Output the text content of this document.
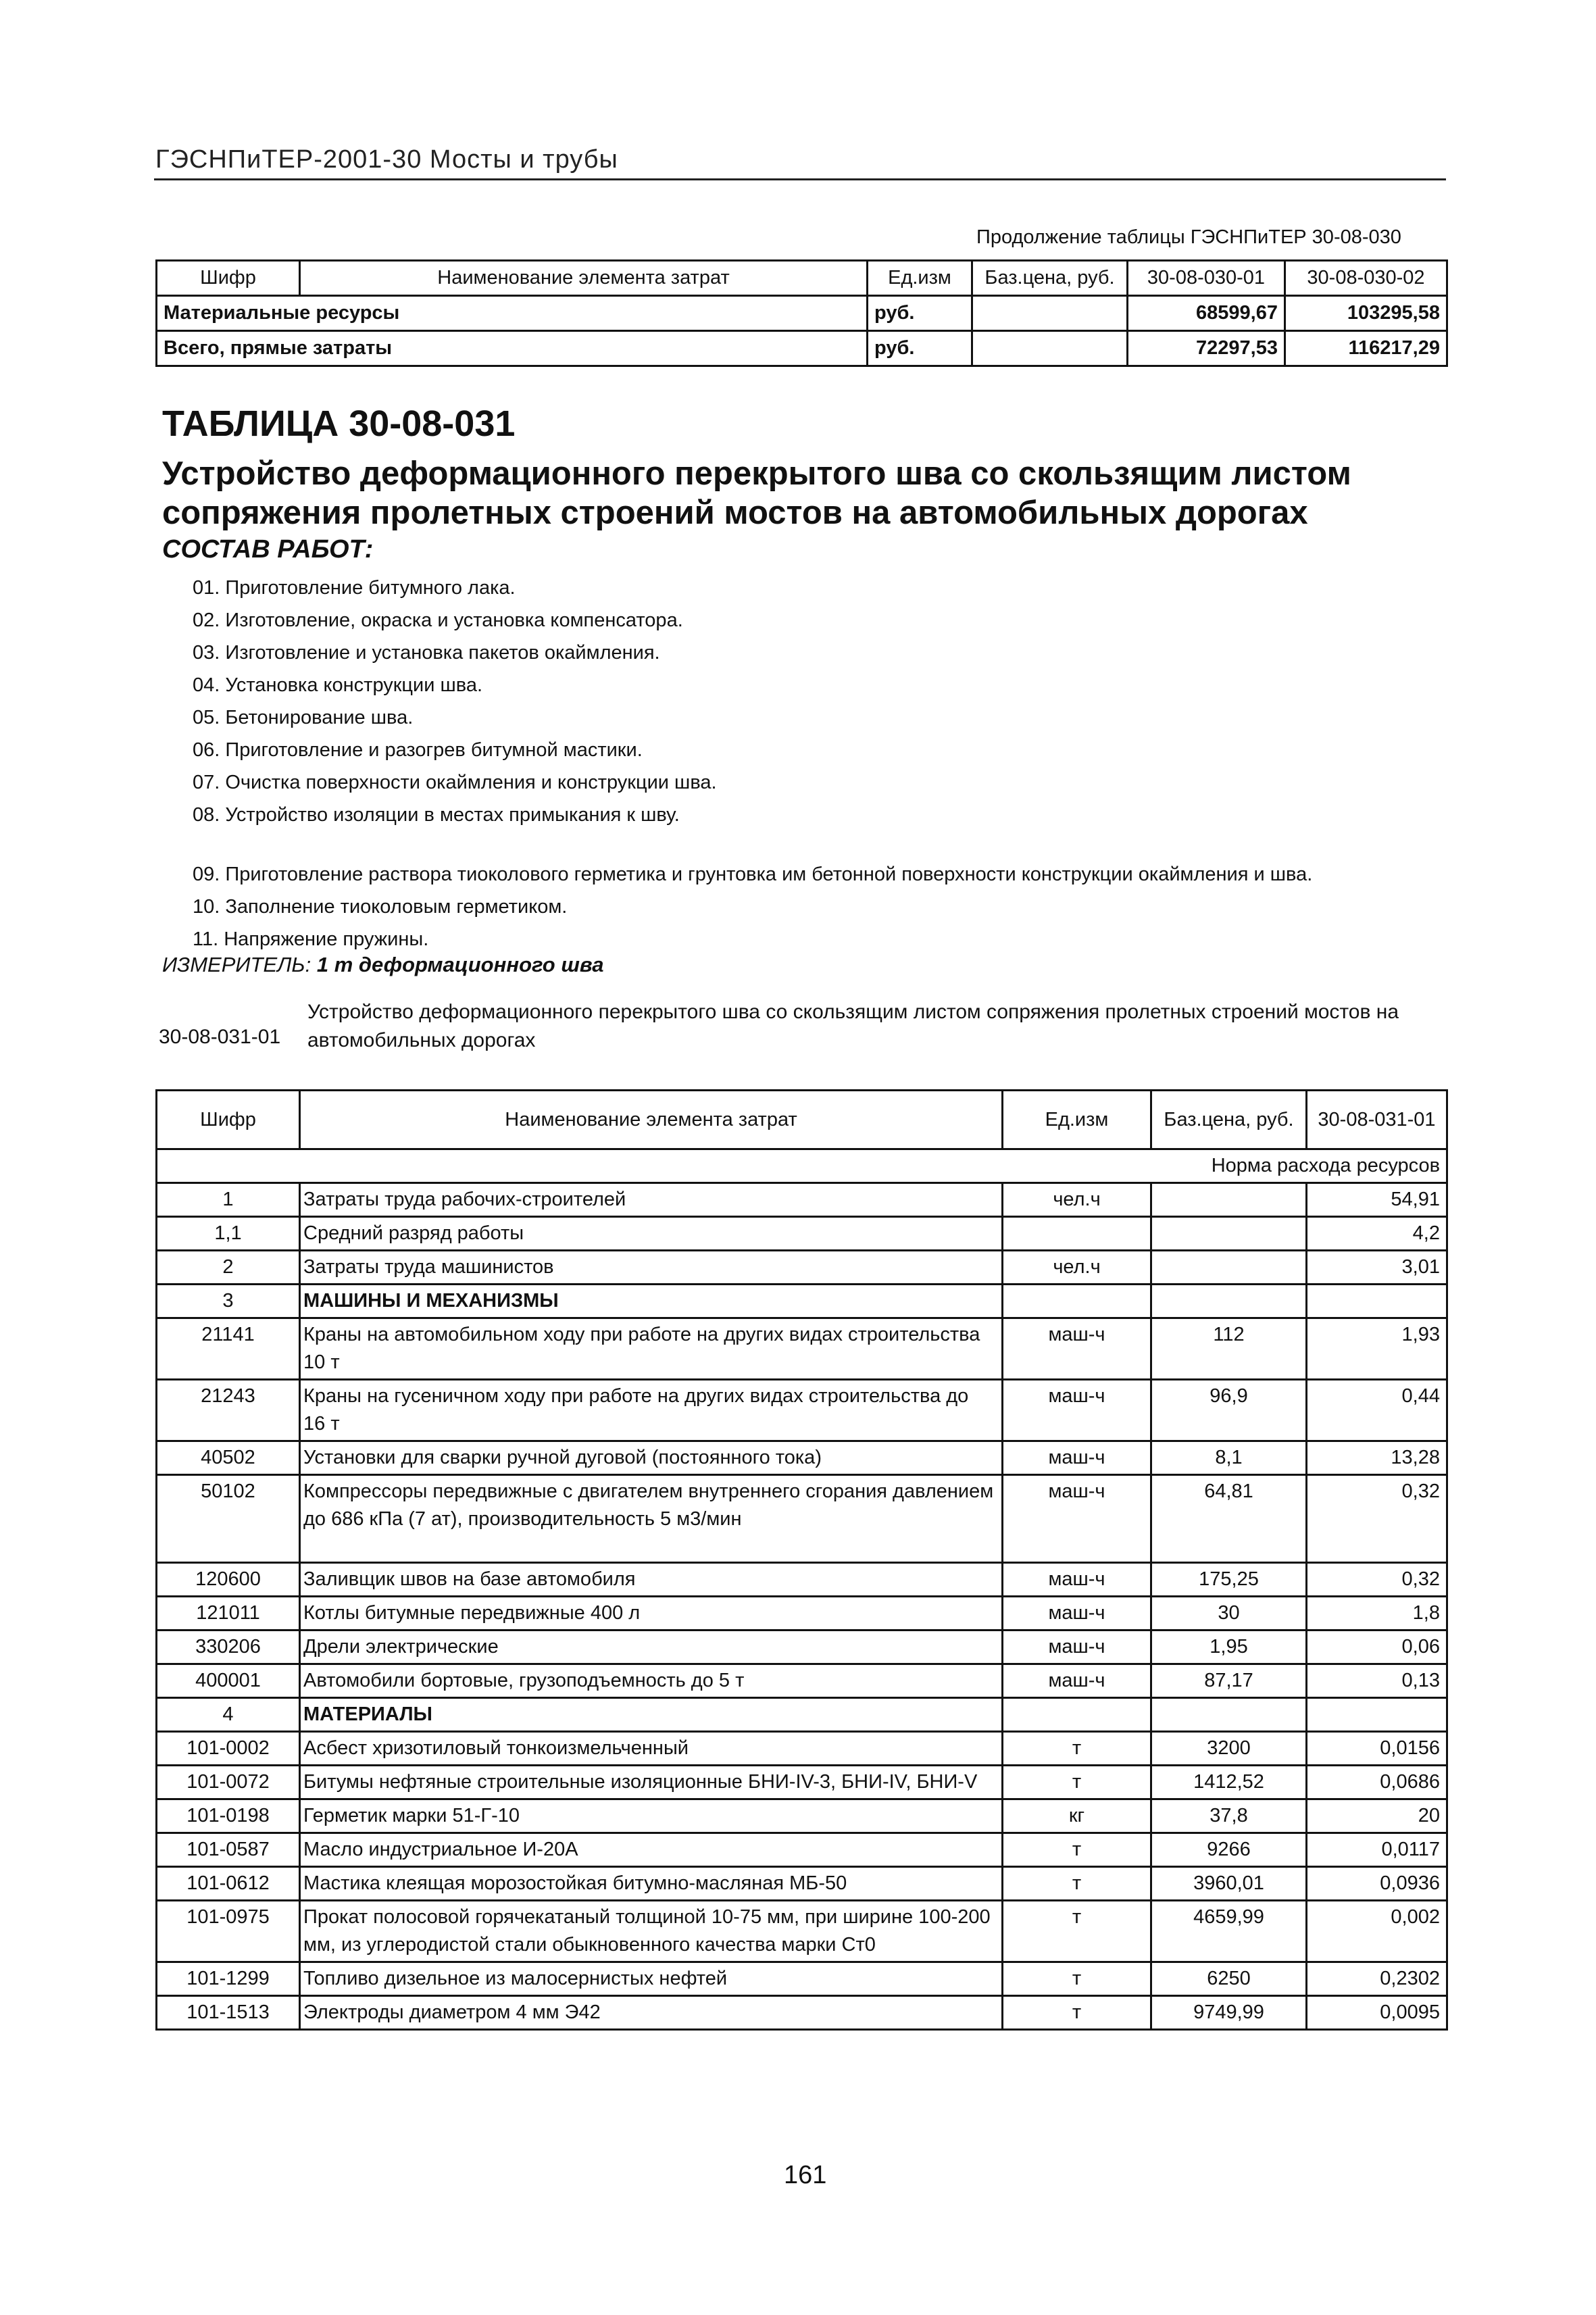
ГЭСНПиТЕР-2001-30 Мосты и трубы
Продолжение таблицы ГЭСНПиТЕР 30-08-030
Шифр	Наименование элемента затрат	Ед.изм	Баз.цена, руб.	30-08-030-01	30-08-030-02
Материальные ресурсы		руб.		68599,67	103295,58
Всего, прямые затраты		руб.		72297,53	116217,29
ТАБЛИЦА 30-08-031
Устройство деформационного перекрытого шва со скользящим листом сопряжения пролетных строений мостов на автомобильных дорогах
СОСТАВ РАБОТ:
01. Приготовление битумного лака.
02. Изготовление, окраска и установка компенсатора.
03. Изготовление и установка пакетов окаймления.
04. Установка конструкции шва.
05. Бетонирование шва.
06. Приготовление и разогрев битумной мастики.
07. Очистка поверхности окаймления и конструкции шва.
08. Устройство изоляции в местах примыкания к шву.
09. Приготовление раствора тиоколового герметика и грунтовка им бетонной поверхности конструкции окаймления и шва.
10. Заполнение тиоколовым герметиком.
11. Напряжение пружины.
ИЗМЕРИТЕЛЬ: 1 т деформационного шва
30-08-031-01
Устройство деформационного перекрытого шва со скользящим листом сопряжения пролетных строений мостов на автомобильных дорогах
Шифр	Наименование элемента затрат	Ед.изм	Баз.цена, руб.	30-08-031-01
			Норма расхода ресурсов	
1	Затраты труда рабочих-строителей	чел.ч		54,91
1,1	Средний разряд работы			4,2
2	Затраты труда машинистов	чел.ч		3,01
3	МАШИНЫ И МЕХАНИЗМЫ			
21141	Краны на автомобильном ходу при работе на других видах строительства 10 т	маш-ч	112	1,93
21243	Краны на гусеничном ходу при работе на других видах строительства до 16 т	маш-ч	96,9	0,44
40502	Установки для сварки ручной дуговой (постоянного тока)	маш-ч	8,1	13,28
50102	Компрессоры передвижные с двигателем внутреннего сгорания давлением до 686 кПа (7 ат), производительность 5 м3/мин	маш-ч	64,81	0,32
120600	Заливщик швов на базе автомобиля	маш-ч	175,25	0,32
121011	Котлы битумные передвижные 400 л	маш-ч	30	1,8
330206	Дрели электрические	маш-ч	1,95	0,06
400001	Автомобили бортовые, грузоподъемность до 5 т	маш-ч	87,17	0,13
4	МАТЕРИАЛЫ			
101-0002	Асбест хризотиловый тонкоизмельченный	т	3200	0,0156
101-0072	Битумы нефтяные строительные изоляционные БНИ-IV-3, БНИ-IV, БНИ-V	т	1412,52	0,0686
101-0198	Герметик марки 51-Г-10	кг	37,8	20
101-0587	Масло индустриальное И-20А	т	9266	0,0117
101-0612	Мастика клеящая морозостойкая битумно-масляная МБ-50	т	3960,01	0,0936
101-0975	Прокат полосовой горячекатаный толщиной 10-75 мм, при ширине 100-200 мм, из углеродистой стали обыкновенного качества марки Ст0	т	4659,99	0,002
101-1299	Топливо дизельное из малосернистых нефтей	т	6250	0,2302
101-1513	Электроды диаметром 4 мм Э42	т	9749,99	0,0095
161
